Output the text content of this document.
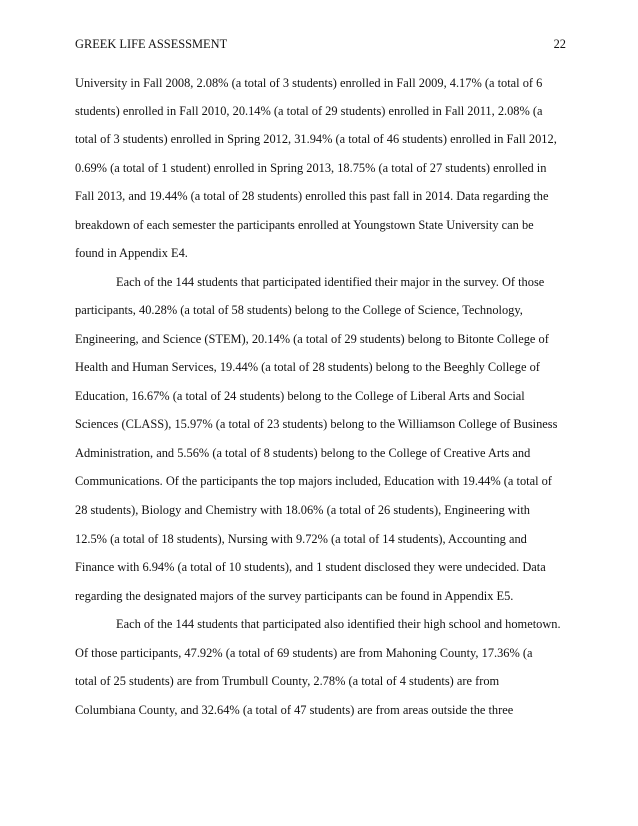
GREEK LIFE ASSESSMENT	22
University in Fall 2008, 2.08% (a total of 3 students) enrolled in Fall 2009, 4.17% (a total of 6
students) enrolled in Fall 2010, 20.14% (a total of 29 students) enrolled in Fall 2011, 2.08% (a
total of 3 students) enrolled in Spring 2012, 31.94% (a total of 46 students) enrolled in Fall 2012,
0.69% (a total of 1 student) enrolled in Spring 2013, 18.75% (a total of 27 students) enrolled in
Fall 2013, and 19.44% (a total of 28 students) enrolled this past fall in 2014. Data regarding the
breakdown of each semester the participants enrolled at Youngstown State University can be
found in Appendix E4.
Each of the 144 students that participated identified their major in the survey. Of those
participants, 40.28% (a total of 58 students) belong to the College of Science, Technology,
Engineering, and Science (STEM), 20.14% (a total of 29 students) belong to Bitonte College of
Health and Human Services, 19.44% (a total of 28 students) belong to the Beeghly College of
Education, 16.67% (a total of 24 students) belong to the College of Liberal Arts and Social
Sciences (CLASS), 15.97% (a total of 23 students) belong to the Williamson College of Business
Administration, and 5.56% (a total of 8 students) belong to the College of Creative Arts and
Communications. Of the participants the top majors included, Education with 19.44% (a total of
28 students), Biology and Chemistry with 18.06% (a total of 26 students), Engineering with
12.5% (a total of 18 students), Nursing with 9.72% (a total of 14 students), Accounting and
Finance with 6.94% (a total of 10 students), and 1 student disclosed they were undecided. Data
regarding the designated majors of the survey participants can be found in Appendix E5.
Each of the 144 students that participated also identified their high school and hometown.
Of those participants, 47.92% (a total of 69 students) are from Mahoning County, 17.36% (a
total of 25 students) are from Trumbull County, 2.78% (a total of 4 students) are from
Columbiana County, and 32.64% (a total of 47 students) are from areas outside the three
